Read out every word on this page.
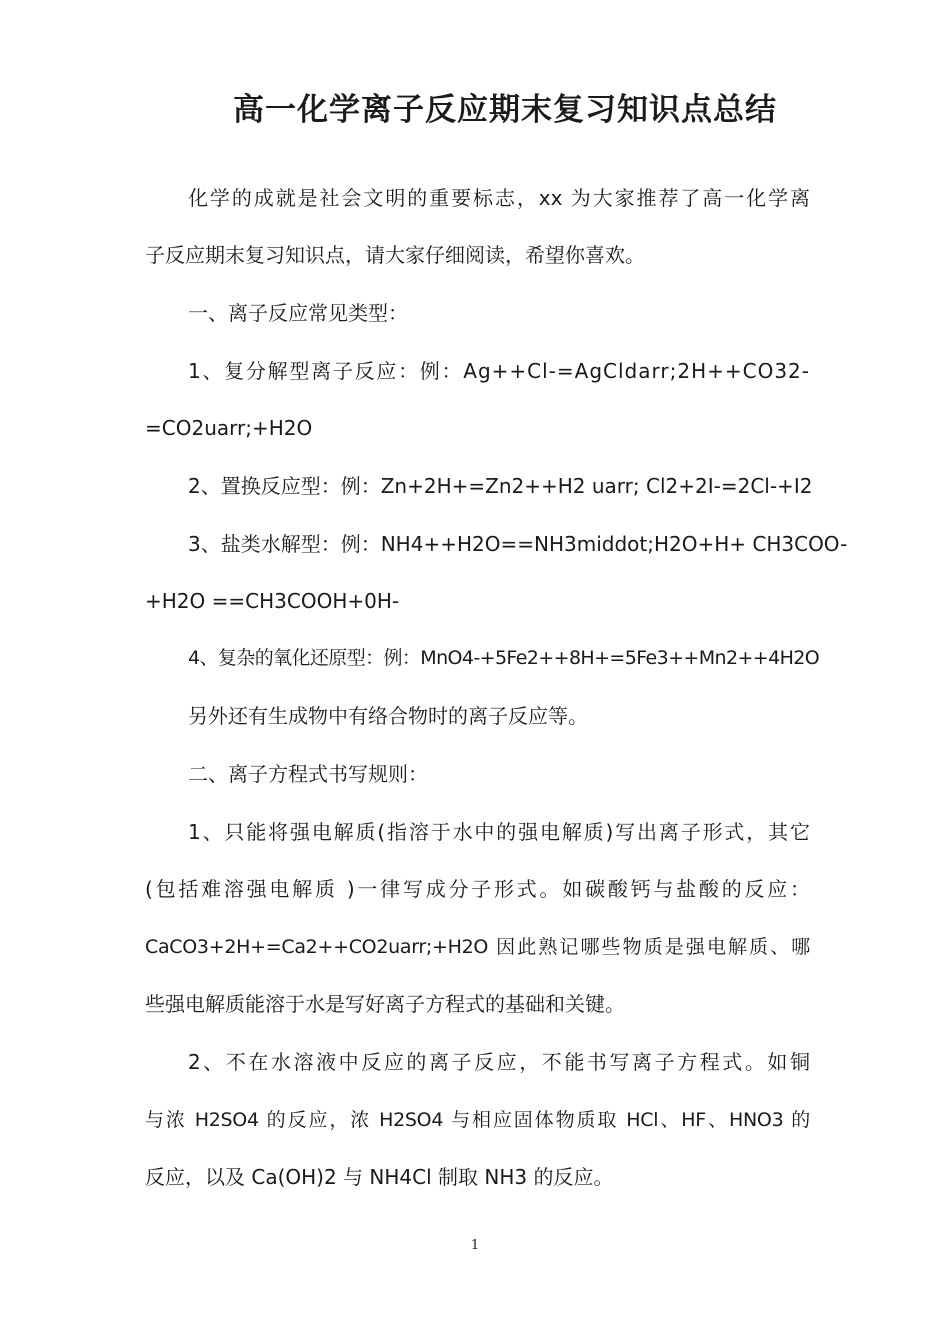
高一化学离子反应期末复习知识点总结
化学的成就是社会文明的重要标志，xx 为大家推荐了高一化学离
子反应期末复习知识点，请大家仔细阅读，希望你喜欢。
一、离子反应常见类型：
1、复分解型离子反应：例：Ag++Cl-=AgCldarr;2H++CO32-
=CO2uarr;+H2O
2、置换反应型：例：Zn+2H+=Zn2++H2 uarr; Cl2+2I-=2Cl-+I2
3、盐类水解型：例：NH4++H2O==NH3middot;H2O+H+ CH3COO-
+H2O ==CH3COOH+0H-
4、复杂的氧化还原型：例：MnO4-+5Fe2++8H+=5Fe3++Mn2++4H2O
另外还有生成物中有络合物时的离子反应等。
二、离子方程式书写规则：
1、只能将强电解质(指溶于水中的强电解质)写出离子形式，其它
(包括难溶强电解质 )一律写成分子形式。如碳酸钙与盐酸的反应：
CaCO3+2H+=Ca2++CO2uarr;+H2O 因此熟记哪些物质是强电解质、哪
些强电解质能溶于水是写好离子方程式的基础和关键。
2、不在水溶液中反应的离子反应，不能书写离子方程式。如铜
与浓 H2SO4 的反应，浓 H2SO4 与相应固体物质取 HCl、HF、HNO3 的
反应，以及 Ca(OH)2 与 NH4Cl 制取 NH3 的反应。
1
